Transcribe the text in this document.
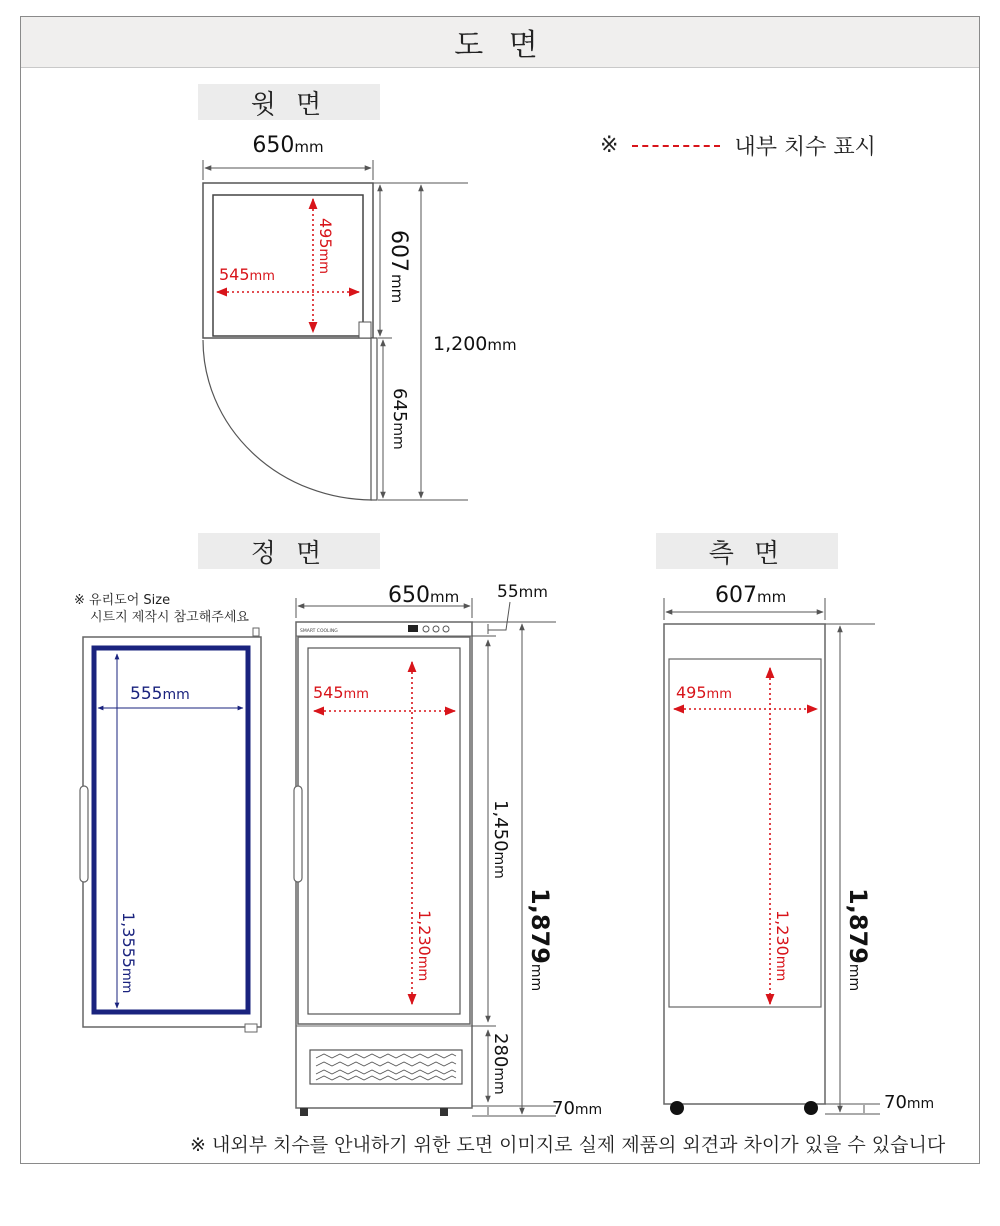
도 면
윗 면
정 면	측 면
※	내부 치수 표시
※ 유리도어 Size
시트지 제작시 참고해주세요
650mm
607mm
645mm
1,200mm
545mm
495mm
555mm
1,3555mm
SMART COOLING
650mm 55mm
1,450mm
280mm
70mm
1,879mm
545mm
1,230mm
607mm
1,879mm
70mm
495mm
1,230mm
※ 내외부 치수를 안내하기 위한 도면 이미지로 실제 제품의 외견과 차이가 있을 수 있습니다
